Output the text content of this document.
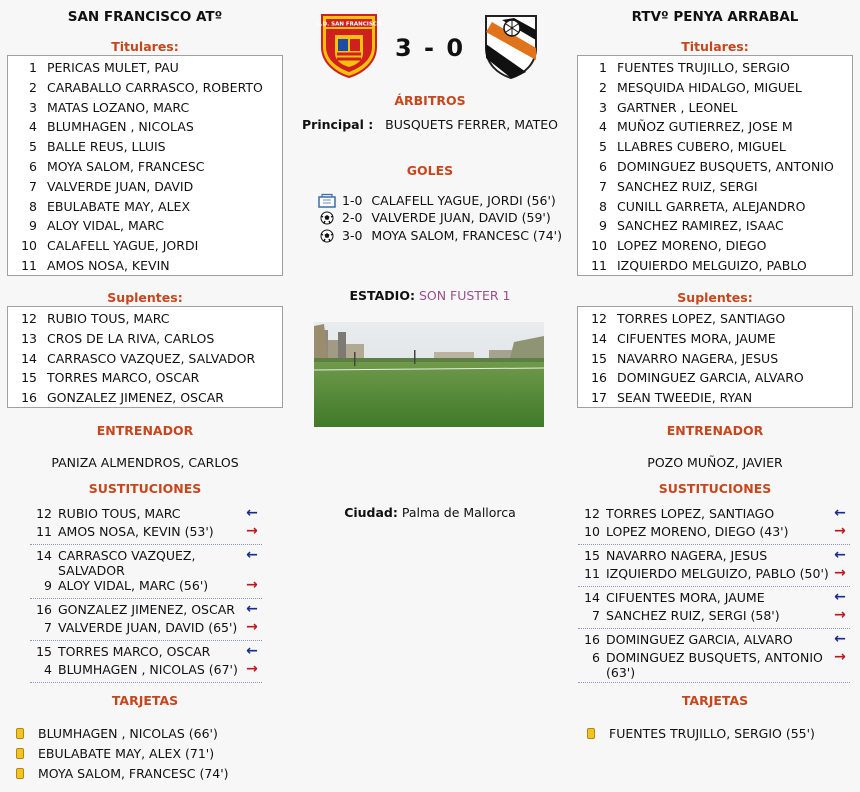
SAN FRANCISCO ATº	RTVº PENYA ARRABAL
C.D. SAN FRANCISCO
3 - 0
Titulares:
1 PERICAS MULET, PAU
2 CARABALLO CARRASCO, ROBERTO
3 MATAS LOZANO, MARC
4 BLUMHAGEN , NICOLAS
5 BALLE REUS, LLUIS
6 MOYA SALOM, FRANCESC
7 VALVERDE JUAN, DAVID
8 EBULABATE MAY, ALEX
9 ALOY VIDAL, MARC
10 CALAFELL YAGUE, JORDI
11 AMOS NOSA, KEVIN
Titulares:
1 FUENTES TRUJILLO, SERGIO
2 MESQUIDA HIDALGO, MIGUEL
3 GARTNER , LEONEL
4 MUÑOZ GUTIERREZ, JOSE M
5 LLABRES CUBERO, MIGUEL
6 DOMINGUEZ BUSQUETS, ANTONIO
7 SANCHEZ RUIZ, SERGI
8 CUNILL GARRETA, ALEJANDRO
9 SANCHEZ RAMIREZ, ISAAC
10 LOPEZ MORENO, DIEGO
11 IZQUIERDO MELGUIZO, PABLO
ÁRBITROS
Principal : BUSQUETS FERRER, MATEO
GOLES
1-0 CALAFELL YAGUE, JORDI (56')
2-0 VALVERDE JUAN, DAVID (59')
3-0 MOYA SALOM, FRANCESC (74')
Suplentes:
12 RUBIO TOUS, MARC
13 CROS DE LA RIVA, CARLOS
14 CARRASCO VAZQUEZ, SALVADOR
15 TORRES MARCO, OSCAR
16 GONZALEZ JIMENEZ, OSCAR
Suplentes:
12 TORRES LOPEZ, SANTIAGO
14 CIFUENTES MORA, JAUME
15 NAVARRO NAGERA, JESUS
16 DOMINGUEZ GARCIA, ALVARO
17 SEAN TWEEDIE, RYAN
ESTADIO: SON FUSTER 1
ENTRENADOR
PANIZA ALMENDROS, CARLOS
ENTRENADOR
POZO MUÑOZ, JAVIER
Ciudad: Palma de Mallorca
SUSTITUCIONES
12 RUBIO TOUS, MARC	←
11 AMOS NOSA, KEVIN (53')	→
14 CARRASCO VAZQUEZ, SALVADOR
←
9 ALOY VIDAL, MARC (56')	→
16 GONZALEZ JIMENEZ, OSCAR ←
7 VALVERDE JUAN, DAVID (65') →
15 TORRES MARCO, OSCAR	←
4 BLUMHAGEN , NICOLAS (67') →
SUSTITUCIONES
12 TORRES LOPEZ, SANTIAGO	←
10 LOPEZ MORENO, DIEGO (43')	→
15 NAVARRO NAGERA, JESUS	←
11 IZQUIERDO MELGUIZO, PABLO (50') →
14 CIFUENTES MORA, JAUME	←
7 SANCHEZ RUIZ, SERGI (58')	→
16 DOMINGUEZ GARCIA, ALVARO	←
6 DOMINGUEZ BUSQUETS, ANTONIO (63')
→
TARJETAS
BLUMHAGEN , NICOLAS (66')
EBULABATE MAY, ALEX (71')
MOYA SALOM, FRANCESC (74')
TARJETAS
FUENTES TRUJILLO, SERGIO (55')
